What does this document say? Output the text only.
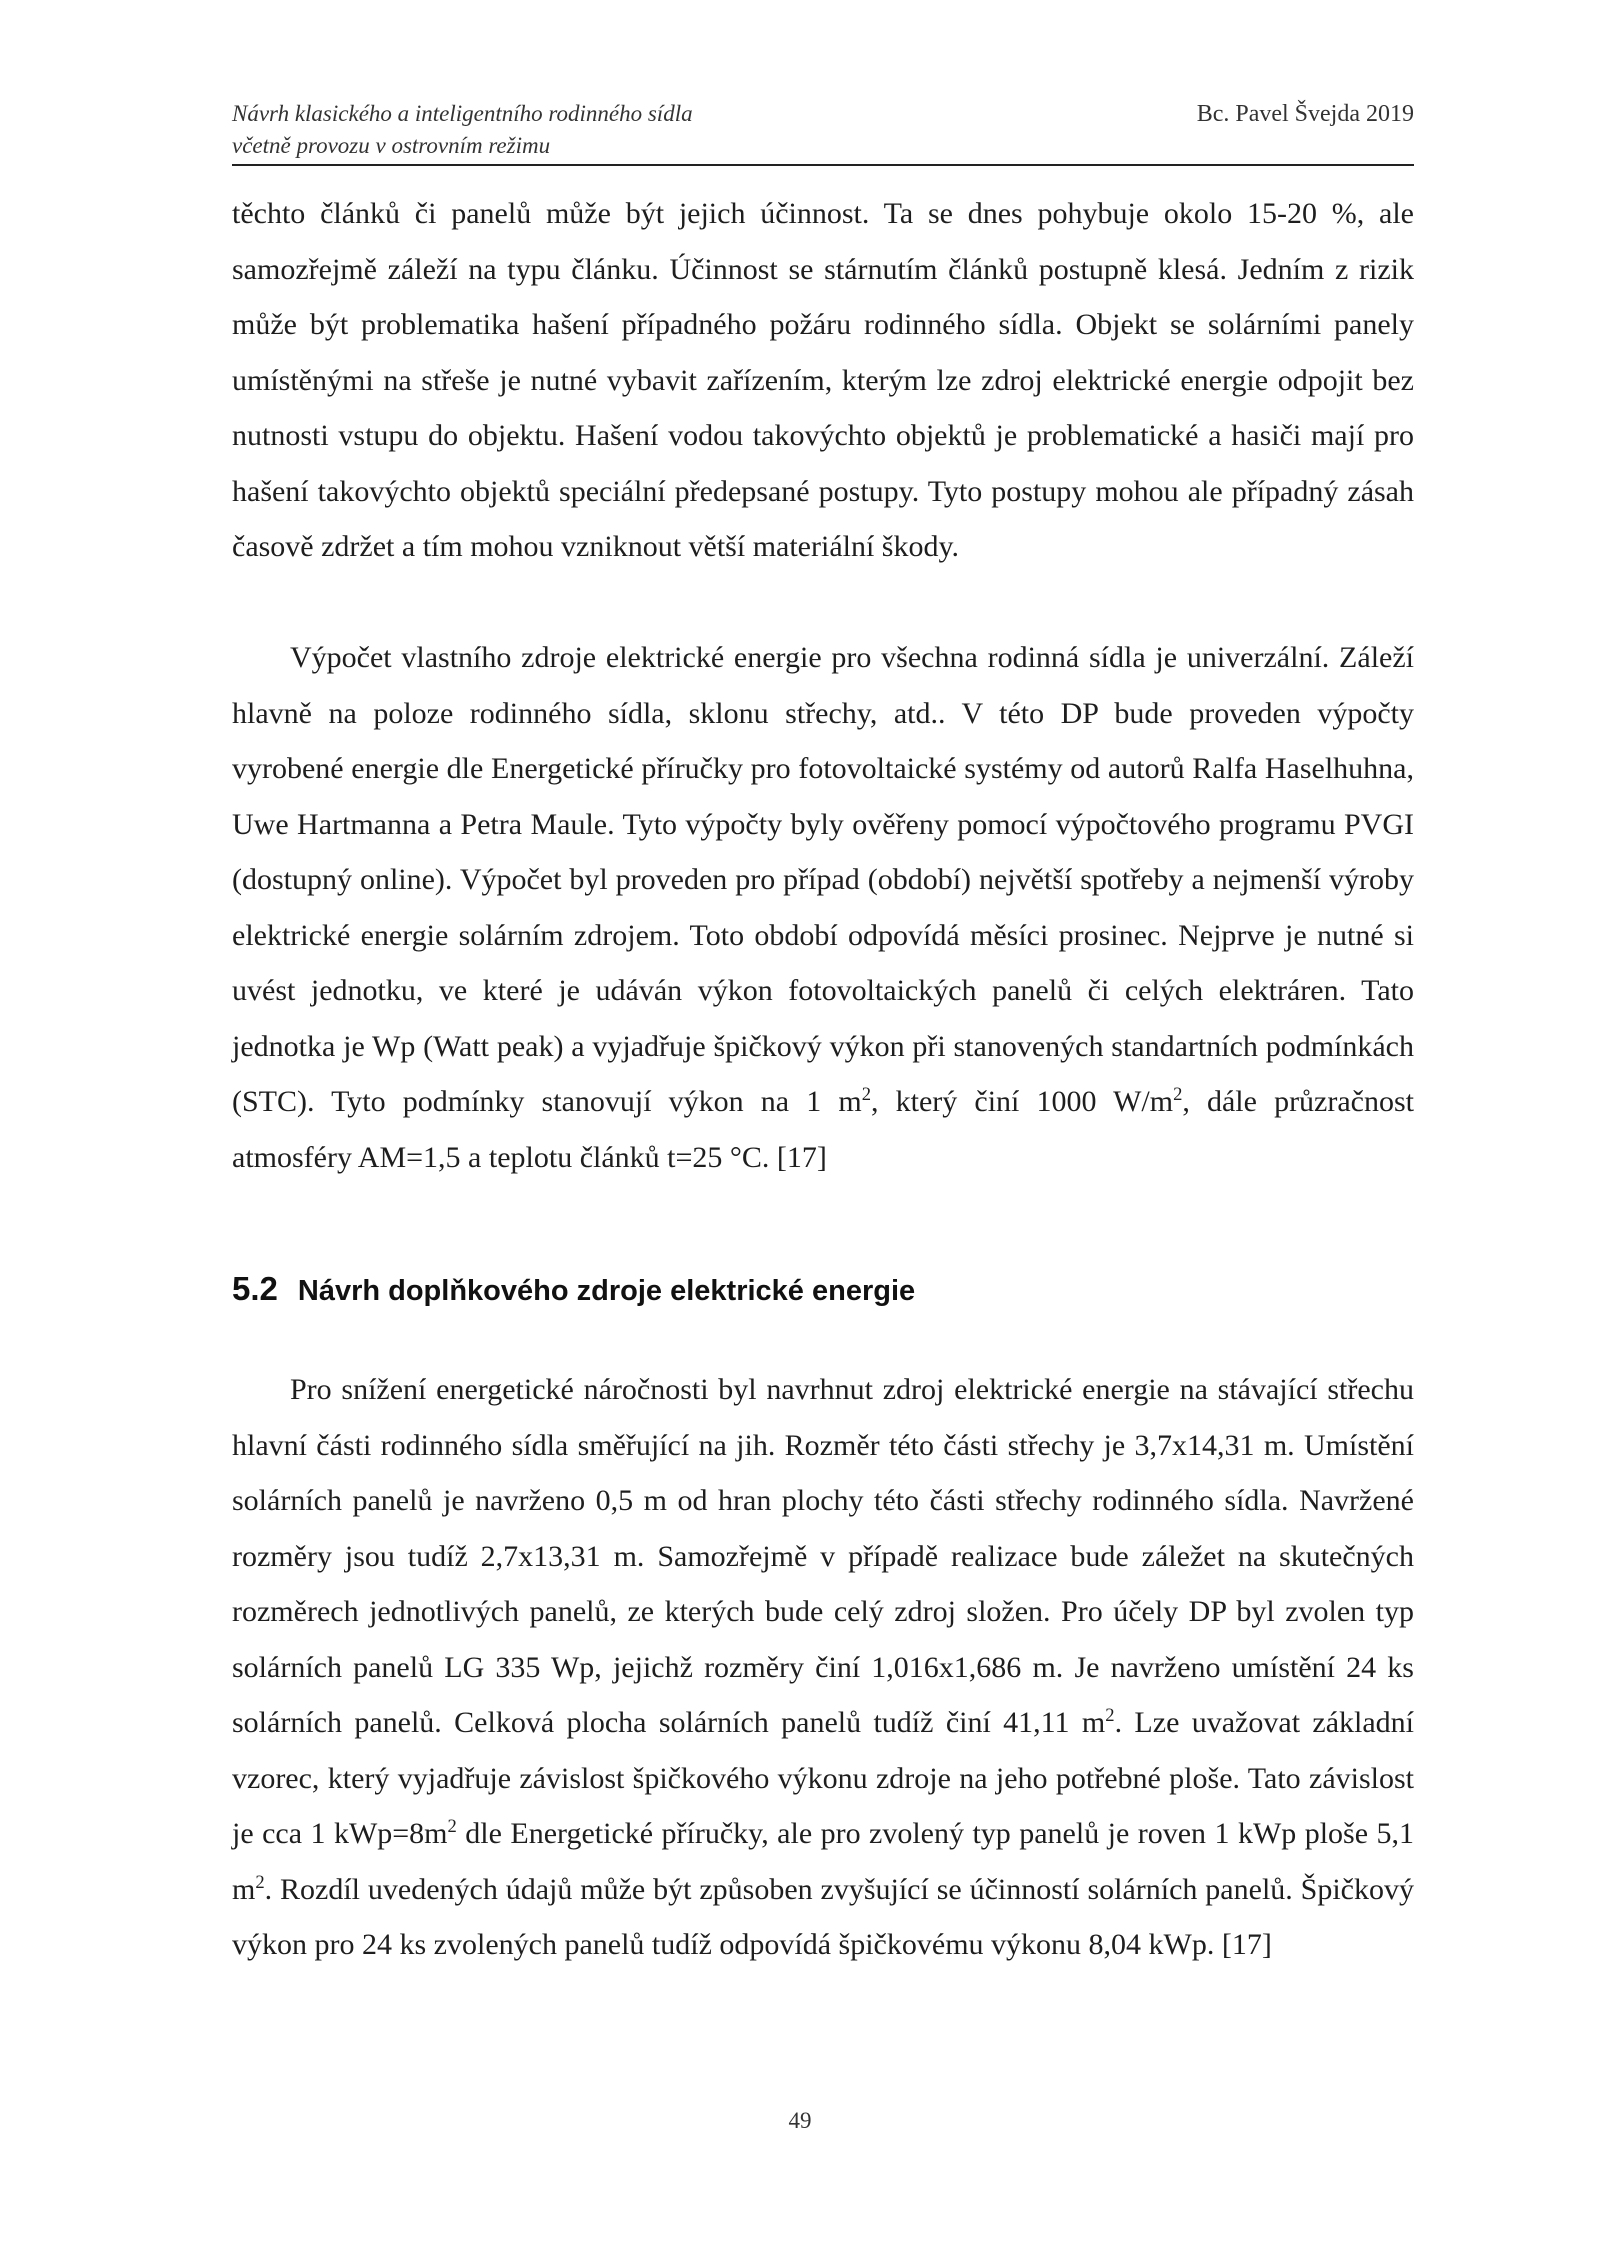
Návrh klasického a inteligentního rodinného sídla
včetně provozu v ostrovním režimu
Bc. Pavel Švejda 2019

těchto článků či panelů může být jejich účinnost. Ta se dnes pohybuje okolo 15-20 %, ale samozřejmě záleží na typu článku. Účinnost se stárnutím článků postupně klesá. Jedním z rizik může být problematika hašení případného požáru rodinného sídla. Objekt se solárními panely umístěnými na střeše je nutné vybavit zařízením, kterým lze zdroj elektrické energie odpojit bez nutnosti vstupu do objektu. Hašení vodou takovýchto objektů je problematické a hasiči mají pro hašení takovýchto objektů speciální předepsané postupy. Tyto postupy mohou ale případný zásah časově zdržet a tím mohou vzniknout větší materiální škody.

Výpočet vlastního zdroje elektrické energie pro všechna rodinná sídla je univerzální. Záleží hlavně na poloze rodinného sídla, sklonu střechy, atd.. V této DP bude proveden výpočty vyrobené energie dle Energetické příručky pro fotovoltaické systémy od autorů Ralfa Haselhuhna, Uwe Hartmanna a Petra Maule. Tyto výpočty byly ověřeny pomocí výpočtového programu PVGI (dostupný online). Výpočet byl proveden pro případ (období) největší spotřeby a nejmenší výroby elektrické energie solárním zdrojem. Toto období odpovídá měsíci prosinec. Nejprve je nutné si uvést jednotku, ve které je udáván výkon fotovoltaických panelů či celých elektráren. Tato jednotka je Wp (Watt peak) a vyjadřuje špičkový výkon při stanovených standartních podmínkách (STC). Tyto podmínky stanovují výkon na 1 $m^2$, který činí 1000 $W/m^2$, dále průzračnost atmosféry AM=1,5 a teplotu článků t=25 °C. [17]

5.2 Návrh doplňkového zdroje elektrické energie

Pro snížení energetické náročnosti byl navrhnut zdroj elektrické energie na stávající střechu hlavní části rodinného sídla směřující na jih. Rozměr této části střechy je 3,7x14,31 m. Umístění solárních panelů je navrženo 0,5 m od hran plochy této části střechy rodinného sídla. Navržené rozměry jsou tudíž 2,7x13,31 m. Samozřejmě v případě realizace bude záležet na skutečných rozměrech jednotlivých panelů, ze kterých bude celý zdroj složen. Pro účely DP byl zvolen typ solárních panelů LG 335 Wp, jejichž rozměry činí 1,016x1,686 m. Je navrženo umístění 24 ks solárních panelů. Celková plocha solárních panelů tudíž činí 41,11 $m^2$. Lze uvažovat základní vzorec, který vyjadřuje závislost špičkového výkonu zdroje na jeho potřebné ploše. Tato závislost je cca 1 $kWp=8m^2$ dle Energetické příručky, ale pro zvolený typ panelů je roven 1 kWp ploše 5,1 $m^2$. Rozdíl uvedených údajů může být způsoben zvyšující se účinností solárních panelů. Špičkový výkon pro 24 ks zvolených panelů tudíž odpovídá špičkovému výkonu 8,04 kWp. [17]

49
